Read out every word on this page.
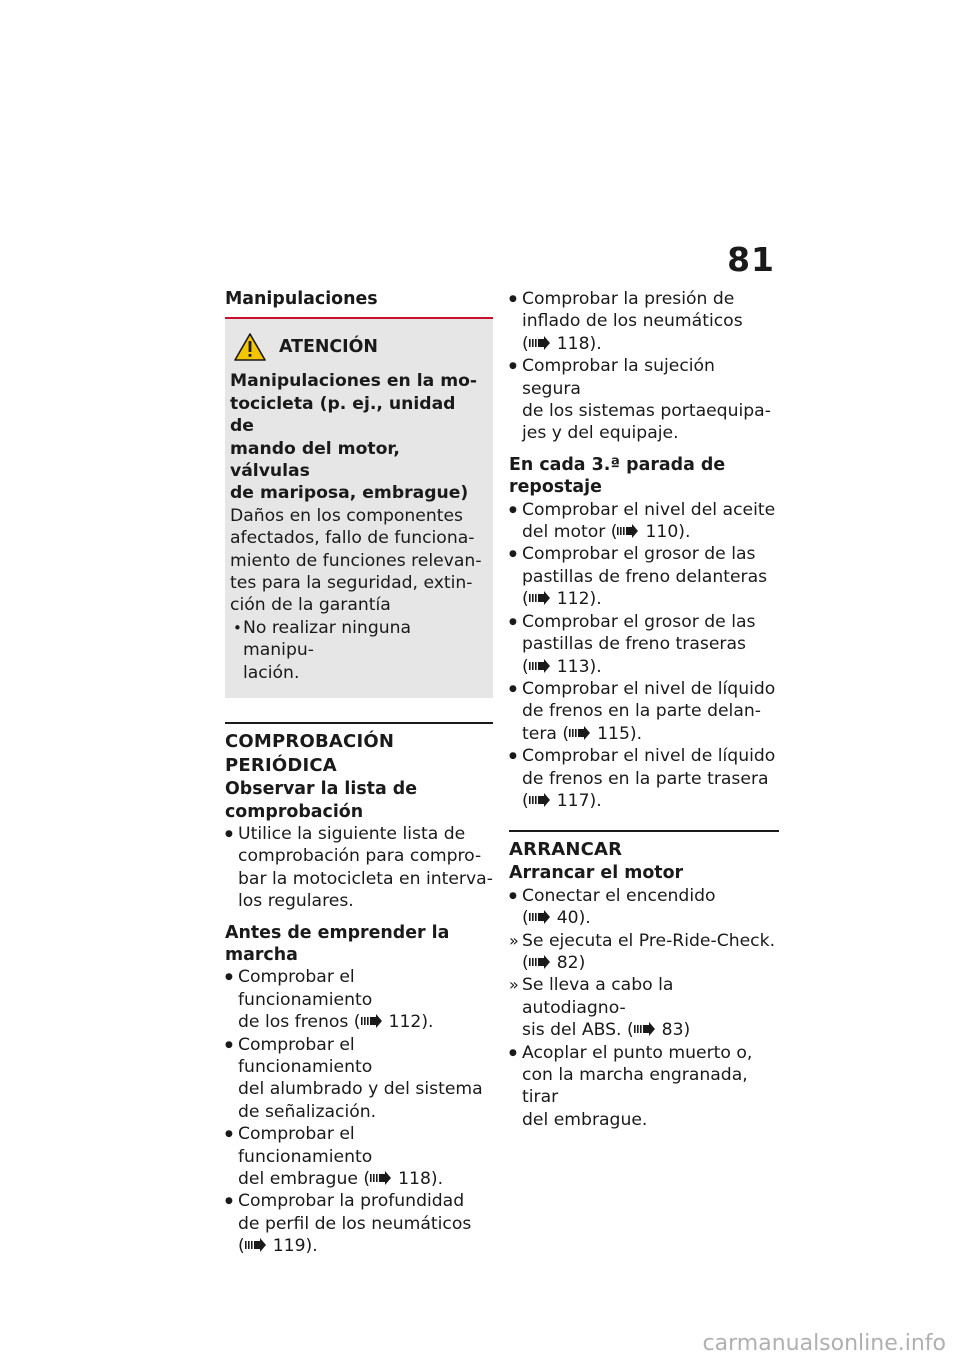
81

Manipulaciones

ATENCIÓN
Manipulaciones en la mo-
tocicleta (p. ej., unidad de
mando del motor, válvulas
de mariposa, embrague)
Daños en los componentes
afectados, fallo de funciona-
miento de funciones relevan-
tes para la seguridad, extin-
ción de la garantía
• No realizar ninguna manipu-
lación.
COMPROBACIÓN PERIÓDICA

Observar la lista de
comprobación

● Utilice la siguiente lista de
comprobación para compro-
bar la motocicleta en interva-
los regulares.

Antes de emprender la
marcha

● Comprobar el funcionamiento
de los frenos ( 112).
● Comprobar el funcionamiento
del alumbrado y del sistema
de señalización.
● Comprobar el funcionamiento
del embrague ( 118).
● Comprobar la profundidad
de perfil de los neumáticos
( 119).
● Comprobar la presión de
inflado de los neumáticos
( 118).
● Comprobar la sujeción segura
de los sistemas portaequipa-
jes y del equipaje.

En cada 3.ª parada de
repostaje

● Comprobar el nivel del aceite
del motor ( 110).
● Comprobar el grosor de las
pastillas de freno delanteras
( 112).
● Comprobar el grosor de las
pastillas de freno traseras
( 113).
● Comprobar el nivel de líquido
de frenos en la parte delan-
tera ( 115).
● Comprobar el nivel de líquido
de frenos en la parte trasera
( 117).
ARRANCAR

Arrancar el motor

● Conectar el encendido
( 40).
» Se ejecuta el Pre-Ride-Check.
( 82)
» Se lleva a cabo la autodiagno-
sis del ABS. ( 83)
● Acoplar el punto muerto o,
con la marcha engranada, tirar
del embrague.
carmanualsonline.info
